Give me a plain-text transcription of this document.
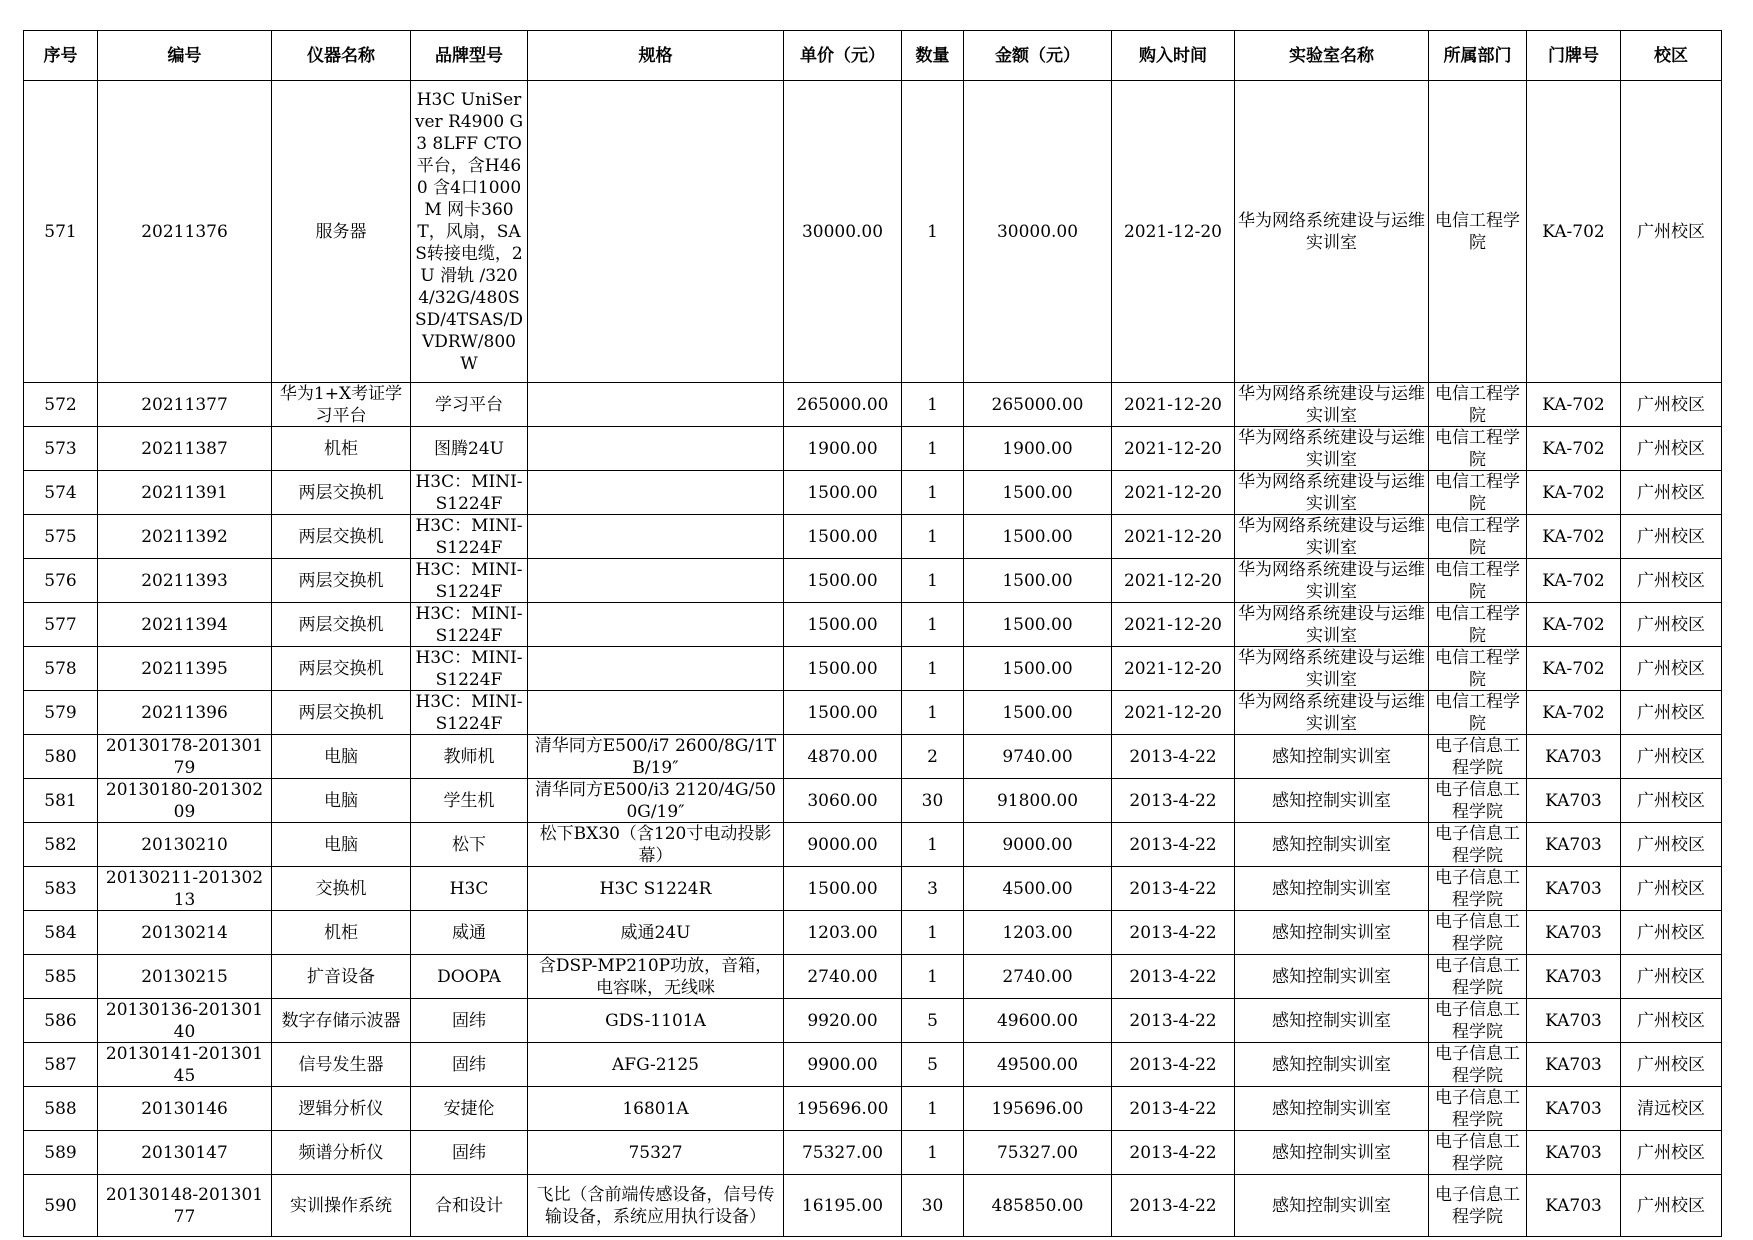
序号	编号	仪器名称	品牌型号	规格	单价（元）	数量	金额（元）	购入时间	实验室名称	所属部门	门牌号	校区

571	20211376	服务器	H3C UniServer R4900 G3 8LFF CTO 平台，含H460 含4口1000M 网卡360T，风扇，SAS转接电缆，2U 滑轨 /3204/32G/480SSD/4TSAS/DVDRW/800W		30000.00	1	30000.00	2021-12-20	华为网络系统建设与运维实训室	电信工程学院	KA-702	广州校区

572	20211377	华为1+X考证学习平台	学习平台		265000.00	1	265000.00	2021-12-20	华为网络系统建设与运维实训室	电信工程学院	KA-702	广州校区

573	20211387	机柜	图腾24U		1900.00	1	1900.00	2021-12-20	华为网络系统建设与运维实训室	电信工程学院	KA-702	广州校区

574	20211391	两层交换机	H3C：MINI-S1224F		1500.00	1	1500.00	2021-12-20	华为网络系统建设与运维实训室	电信工程学院	KA-702	广州校区

575	20211392	两层交换机	H3C：MINI-S1224F		1500.00	1	1500.00	2021-12-20	华为网络系统建设与运维实训室	电信工程学院	KA-702	广州校区

576	20211393	两层交换机	H3C：MINI-S1224F		1500.00	1	1500.00	2021-12-20	华为网络系统建设与运维实训室	电信工程学院	KA-702	广州校区

577	20211394	两层交换机	H3C：MINI-S1224F		1500.00	1	1500.00	2021-12-20	华为网络系统建设与运维实训室	电信工程学院	KA-702	广州校区

578	20211395	两层交换机	H3C：MINI-S1224F		1500.00	1	1500.00	2021-12-20	华为网络系统建设与运维实训室	电信工程学院	KA-702	广州校区

579	20211396	两层交换机	H3C：MINI-S1224F		1500.00	1	1500.00	2021-12-20	华为网络系统建设与运维实训室	电信工程学院	KA-702	广州校区

580	20130178-20130179	电脑	教师机	清华同方E500/i7 2600/8G/1TB/19″	4870.00	2	9740.00	2013-4-22	感知控制实训室	电子信息工程学院	KA703	广州校区

581	20130180-20130209	电脑	学生机	清华同方E500/i3 2120/4G/500G/19″	3060.00	30	91800.00	2013-4-22	感知控制实训室	电子信息工程学院	KA703	广州校区

582	20130210	电脑	松下	松下BX30（含120寸电动投影幕）	9000.00	1	9000.00	2013-4-22	感知控制实训室	电子信息工程学院	KA703	广州校区

583	20130211-20130213	交换机	H3C	H3C S1224R	1500.00	3	4500.00	2013-4-22	感知控制实训室	电子信息工程学院	KA703	广州校区

584	20130214	机柜	威通	威通24U	1203.00	1	1203.00	2013-4-22	感知控制实训室	电子信息工程学院	KA703	广州校区

585	20130215	扩音设备	DOOPA	含DSP-MP210P功放，音箱，电容咪，无线咪	2740.00	1	2740.00	2013-4-22	感知控制实训室	电子信息工程学院	KA703	广州校区

586	20130136-20130140	数字存储示波器	固纬	GDS-1101A	9920.00	5	49600.00	2013-4-22	感知控制实训室	电子信息工程学院	KA703	广州校区

587	20130141-20130145	信号发生器	固纬	AFG-2125	9900.00	5	49500.00	2013-4-22	感知控制实训室	电子信息工程学院	KA703	广州校区

588	20130146	逻辑分析仪	安捷伦	16801A	195696.00	1	195696.00	2013-4-22	感知控制实训室	电子信息工程学院	KA703	清远校区

589	20130147	频谱分析仪	固纬	75327	75327.00	1	75327.00	2013-4-22	感知控制实训室	电子信息工程学院	KA703	广州校区

590	20130148-20130177	实训操作系统	合和设计	飞比（含前端传感设备，信号传输设备，系统应用执行设备）	16195.00	30	485850.00	2013-4-22	感知控制实训室	电子信息工程学院	KA703	广州校区
